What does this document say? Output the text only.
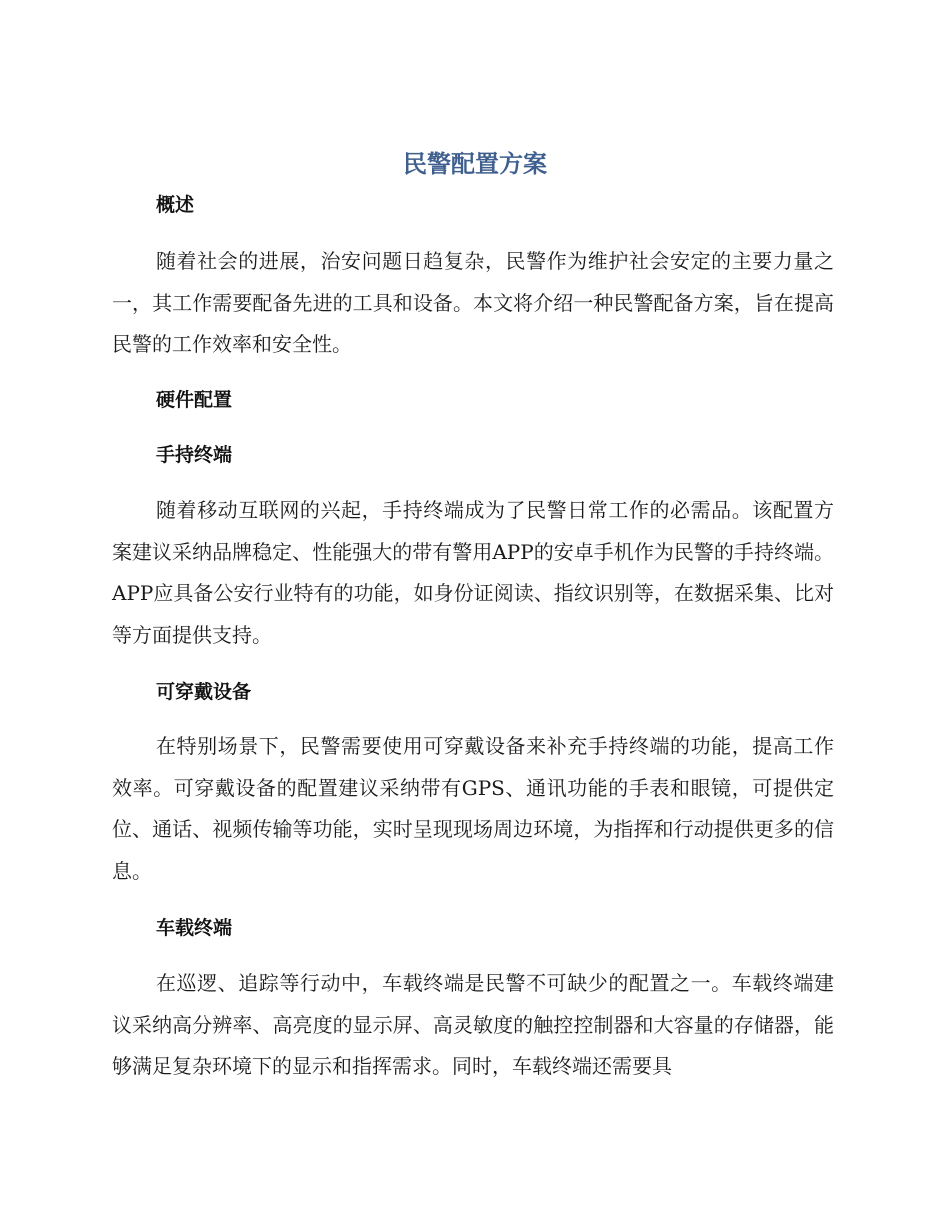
民警配置方案
概述

随着社会的进展，治安问题日趋复杂，民警作为维护社会安定的主要力量之一，其工作需要配备先进的工具和设备。本文将介绍一种民警配备方案，旨在提高民警的工作效率和安全性。

硬件配置
手持终端

随着移动互联网的兴起，手持终端成为了民警日常工作的必需品。该配置方案建议采纳品牌稳定、性能强大的带有警用APP的安卓手机作为民警的手持终端。APP应具备公安行业特有的功能，如身份证阅读、指纹识别等，在数据采集、比对等方面提供支持。

可穿戴设备

在特别场景下，民警需要使用可穿戴设备来补充手持终端的功能，提高工作效率。可穿戴设备的配置建议采纳带有GPS、通讯功能的手表和眼镜，可提供定位、通话、视频传输等功能，实时呈现现场周边环境，为指挥和行动提供更多的信息。

车载终端

在巡逻、追踪等行动中，车载终端是民警不可缺少的配置之一。车载终端建议采纳高分辨率、高亮度的显示屏、高灵敏度的触控控制器和大容量的存储器，能够满足复杂环境下的显示和指挥需求。同时，车载终端还需要具
